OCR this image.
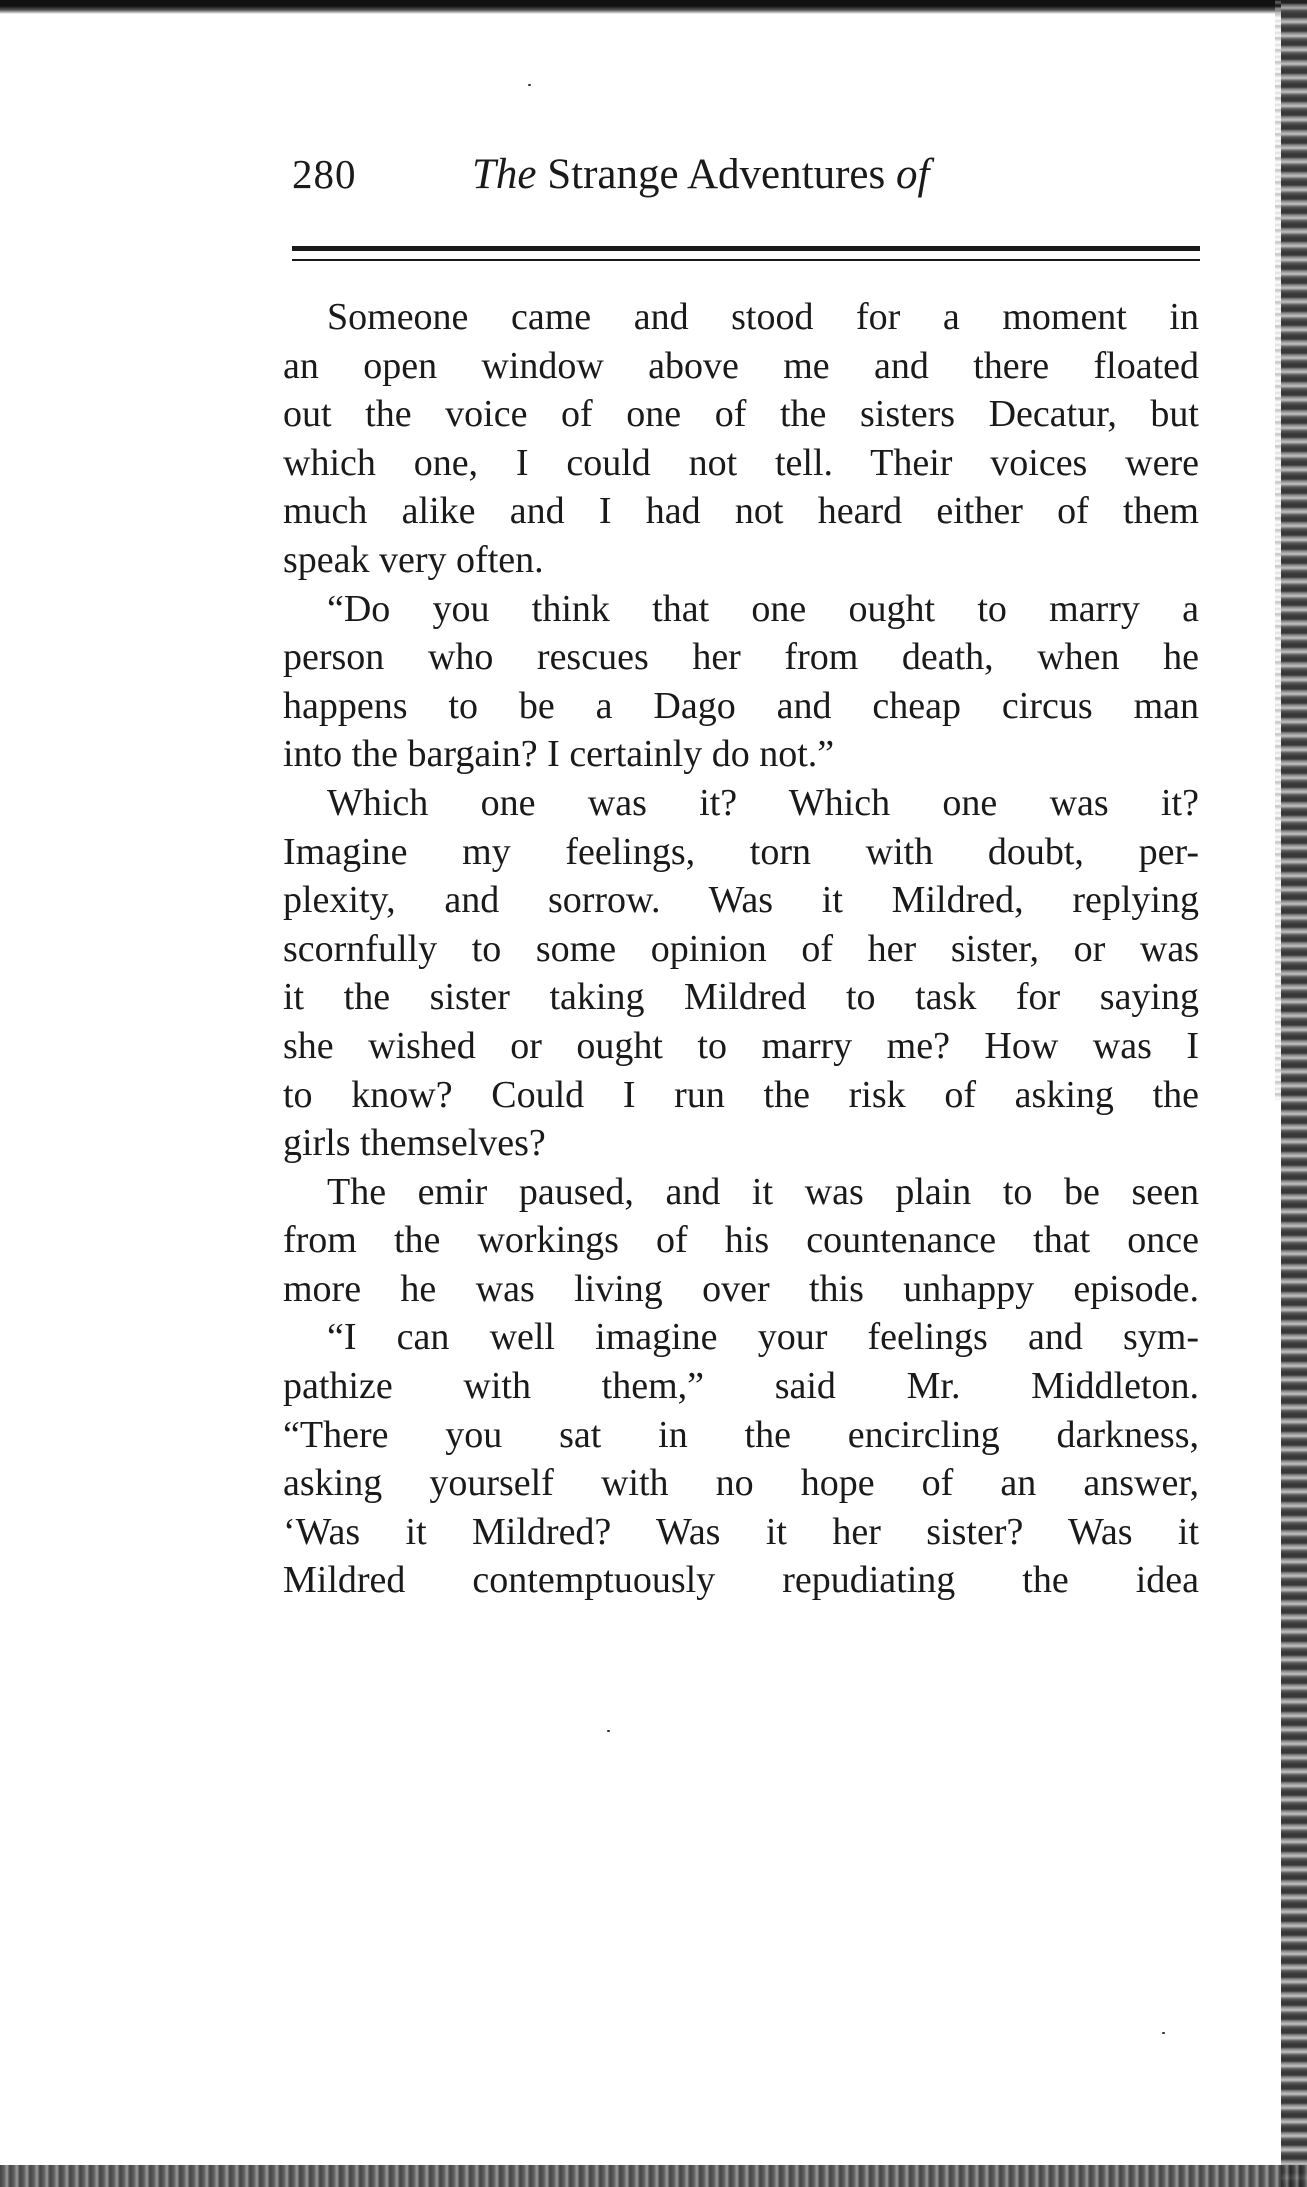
280	The Strange Adventures of
Someone came and stood for a moment in
an open window above me and there floated
out the voice of one of the sisters Decatur, but
which one, I could not tell. Their voices were
much alike and I had not heard either of them
speak very often.
“Do you think that one ought to marry a
person who rescues her from death, when he
happens to be a Dago and cheap circus man
into the bargain? I certainly do not.”
Which one was it? Which one was it?
Imagine my feelings, torn with doubt, per-
plexity, and sorrow. Was it Mildred, replying
scornfully to some opinion of her sister, or was
it the sister taking Mildred to task for saying
she wished or ought to marry me? How was I
to know? Could I run the risk of asking the
girls themselves?
The emir paused, and it was plain to be seen
from the workings of his countenance that once
more he was living over this unhappy episode.
“I can well imagine your feelings and sym-
pathize with them,” said Mr. Middleton.
“There you sat in the encircling darkness,
asking yourself with no hope of an answer,
‘Was it Mildred? Was it her sister? Was it
Mildred contemptuously repudiating the idea
